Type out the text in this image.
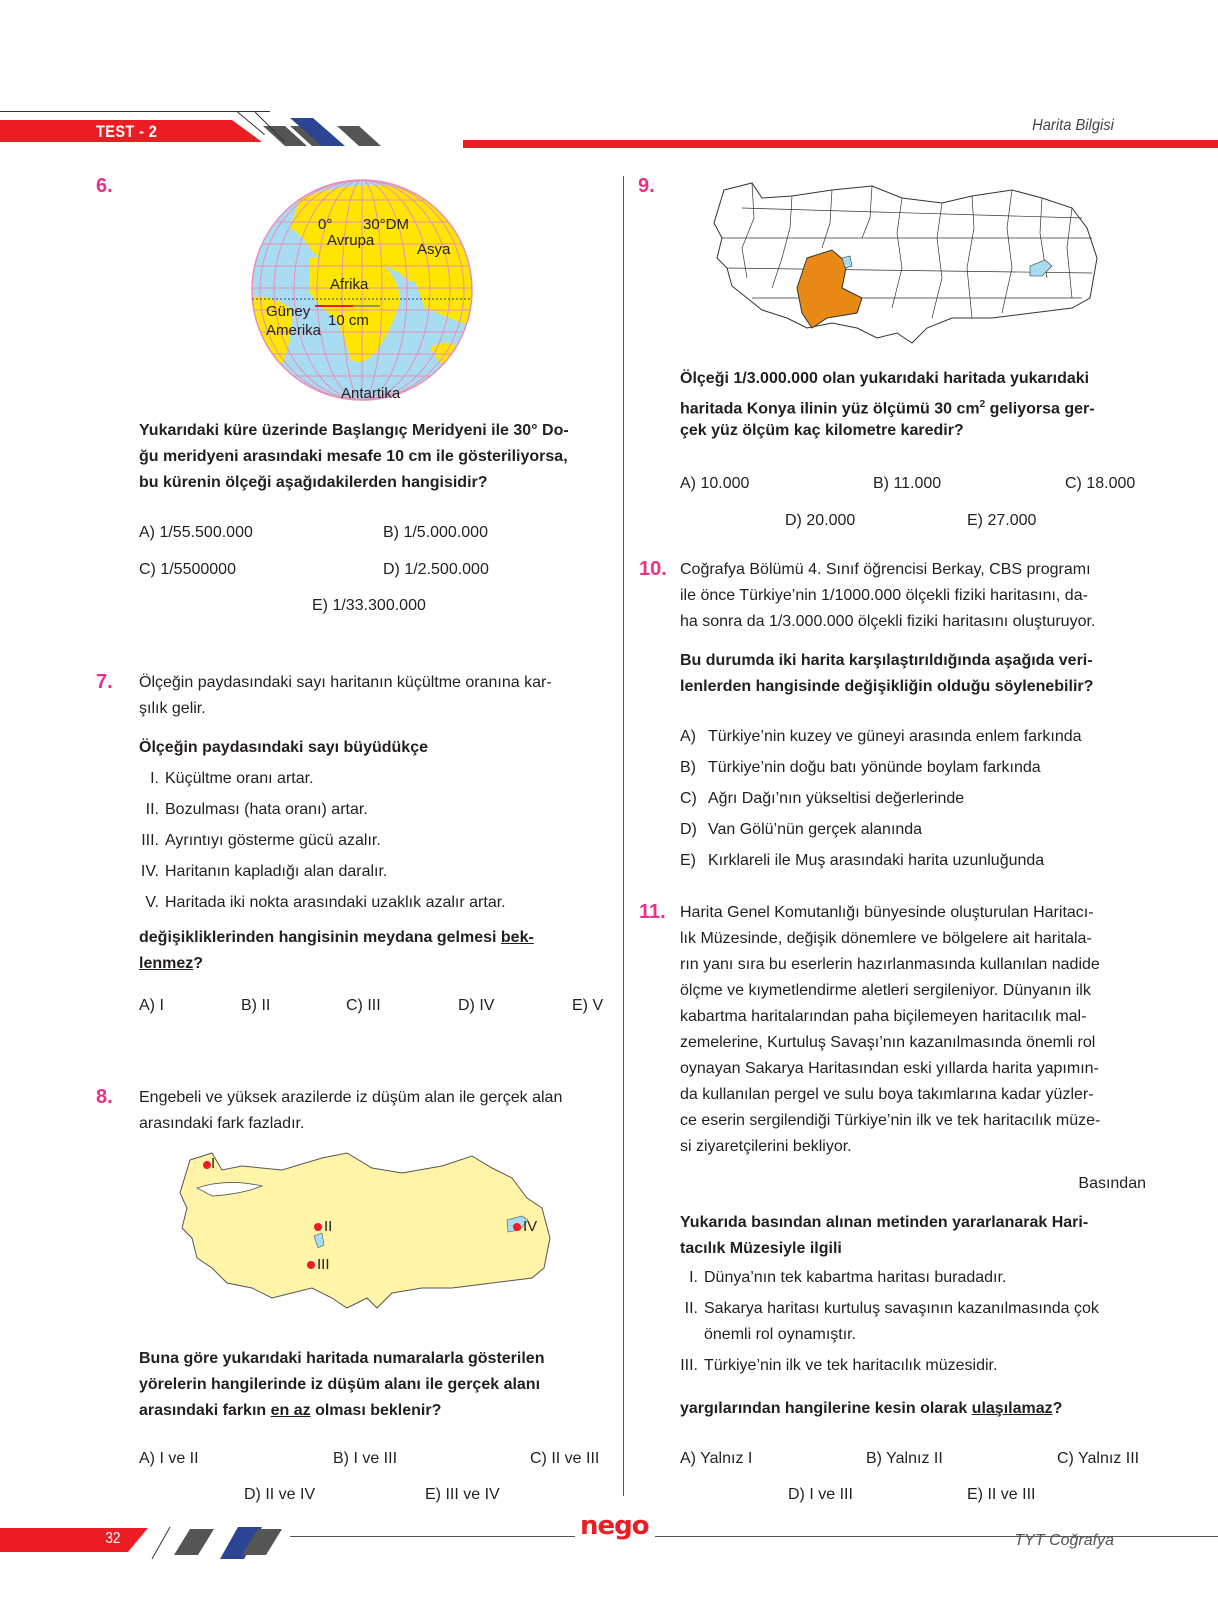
TEST - 2	Harita Bilgisi
6.
0° 30°DM
Avrupa
Asya
Afrika
Güney
Amerika
10 cm
Antartika
Yukarıdaki küre üzerinde Başlangıç Meridyeni ile 30° Do-
ğu meridyeni arasındaki mesafe 10 cm ile gösteriliyorsa,
bu kürenin ölçeği aşağıdakilerden hangisidir?
A) 1/55.500.000	B) 1/5.000.000
C) 1/5500000	D) 1/2.500.000
E) 1/33.300.000
7. Ölçeğin paydasındaki sayı haritanın küçültme oranına kar-
şılık gelir.
Ölçeğin paydasındaki sayı büyüdükçe
I. Küçültme oranı artar.
II. Bozulması (hata oranı) artar.
III. Ayrıntıyı gösterme gücü azalır.
IV. Haritanın kapladığı alan daralır.
V. Haritada iki nokta arasındaki uzaklık azalır artar.
değişikliklerinden hangisinin meydana gelmesi bek-
lenmez?
A) I	B) II	C) III	D) IV	E) V
8. Engebeli ve yüksek arazilerde iz düşüm alan ile gerçek alan
arasındaki fark fazladır.
I
II
III
IV
Buna göre yukarıdaki haritada numaralarla gösterilen
yörelerin hangilerinde iz düşüm alanı ile gerçek alanı
arasındaki farkın en az olması beklenir?
A) I ve II	B) I ve III	C) II ve III
D) II ve IV	E) III ve IV
9.
Ölçeği 1/3.000.000 olan yukarıdaki haritada yukarıdaki
haritada Konya ilinin yüz ölçümü 30 $cm^2$ geliyorsa ger-
çek yüz ölçüm kaç kilometre karedir?
A) 10.000	B) 11.000	C) 18.000
D) 20.000	E) 27.000
10. Coğrafya Bölümü 4. Sınıf öğrencisi Berkay, CBS programı
ile önce Türkiye’nin 1/1000.000 ölçekli fiziki haritasını, da-
ha sonra da 1/3.000.000 ölçekli fiziki haritasını oluşturuyor.
Bu durumda iki harita karşılaştırıldığında aşağıda veri-
lenlerden hangisinde değişikliğin olduğu söylenebilir?
A) Türkiye’nin kuzey ve güneyi arasında enlem farkında
B) Türkiye’nin doğu batı yönünde boylam farkında
C) Ağrı Dağı’nın yükseltisi değerlerinde
D) Van Gölü’nün gerçek alanında
E) Kırklareli ile Muş arasındaki harita uzunluğunda
11. Harita Genel Komutanlığı bünyesinde oluşturulan Haritacı-
lık Müzesinde, değişik dönemlere ve bölgelere ait haritala-
rın yanı sıra bu eserlerin hazırlanmasında kullanılan nadide
ölçme ve kıymetlendirme aletleri sergileniyor. Dünyanın ilk
kabartma haritalarından paha biçilemeyen haritacılık mal-
zemelerine, Kurtuluş Savaşı’nın kazanılmasında önemli rol
oynayan Sakarya Haritasından eski yıllarda harita yapımın-
da kullanılan pergel ve sulu boya takımlarına kadar yüzler-
ce eserin sergilendiği Türkiye’nin ilk ve tek haritacılık müze-
si ziyaretçilerini bekliyor.
Basından
Yukarıda basından alınan metinden yararlanarak Hari-
tacılık Müzesiyle ilgili
I. Dünya’nın tek kabartma haritası buradadır.
II. Sakarya haritası kurtuluş savaşının kazanılmasında çok
önemli rol oynamıştır.
III. Türkiye’nin ilk ve tek haritacılık müzesidir.
yargılarından hangilerine kesin olarak ulaşılamaz?
A) Yalnız I	B) Yalnız II	C) Yalnız III
D) I ve III	E) II ve III
32	nego	TYT Coğrafya
